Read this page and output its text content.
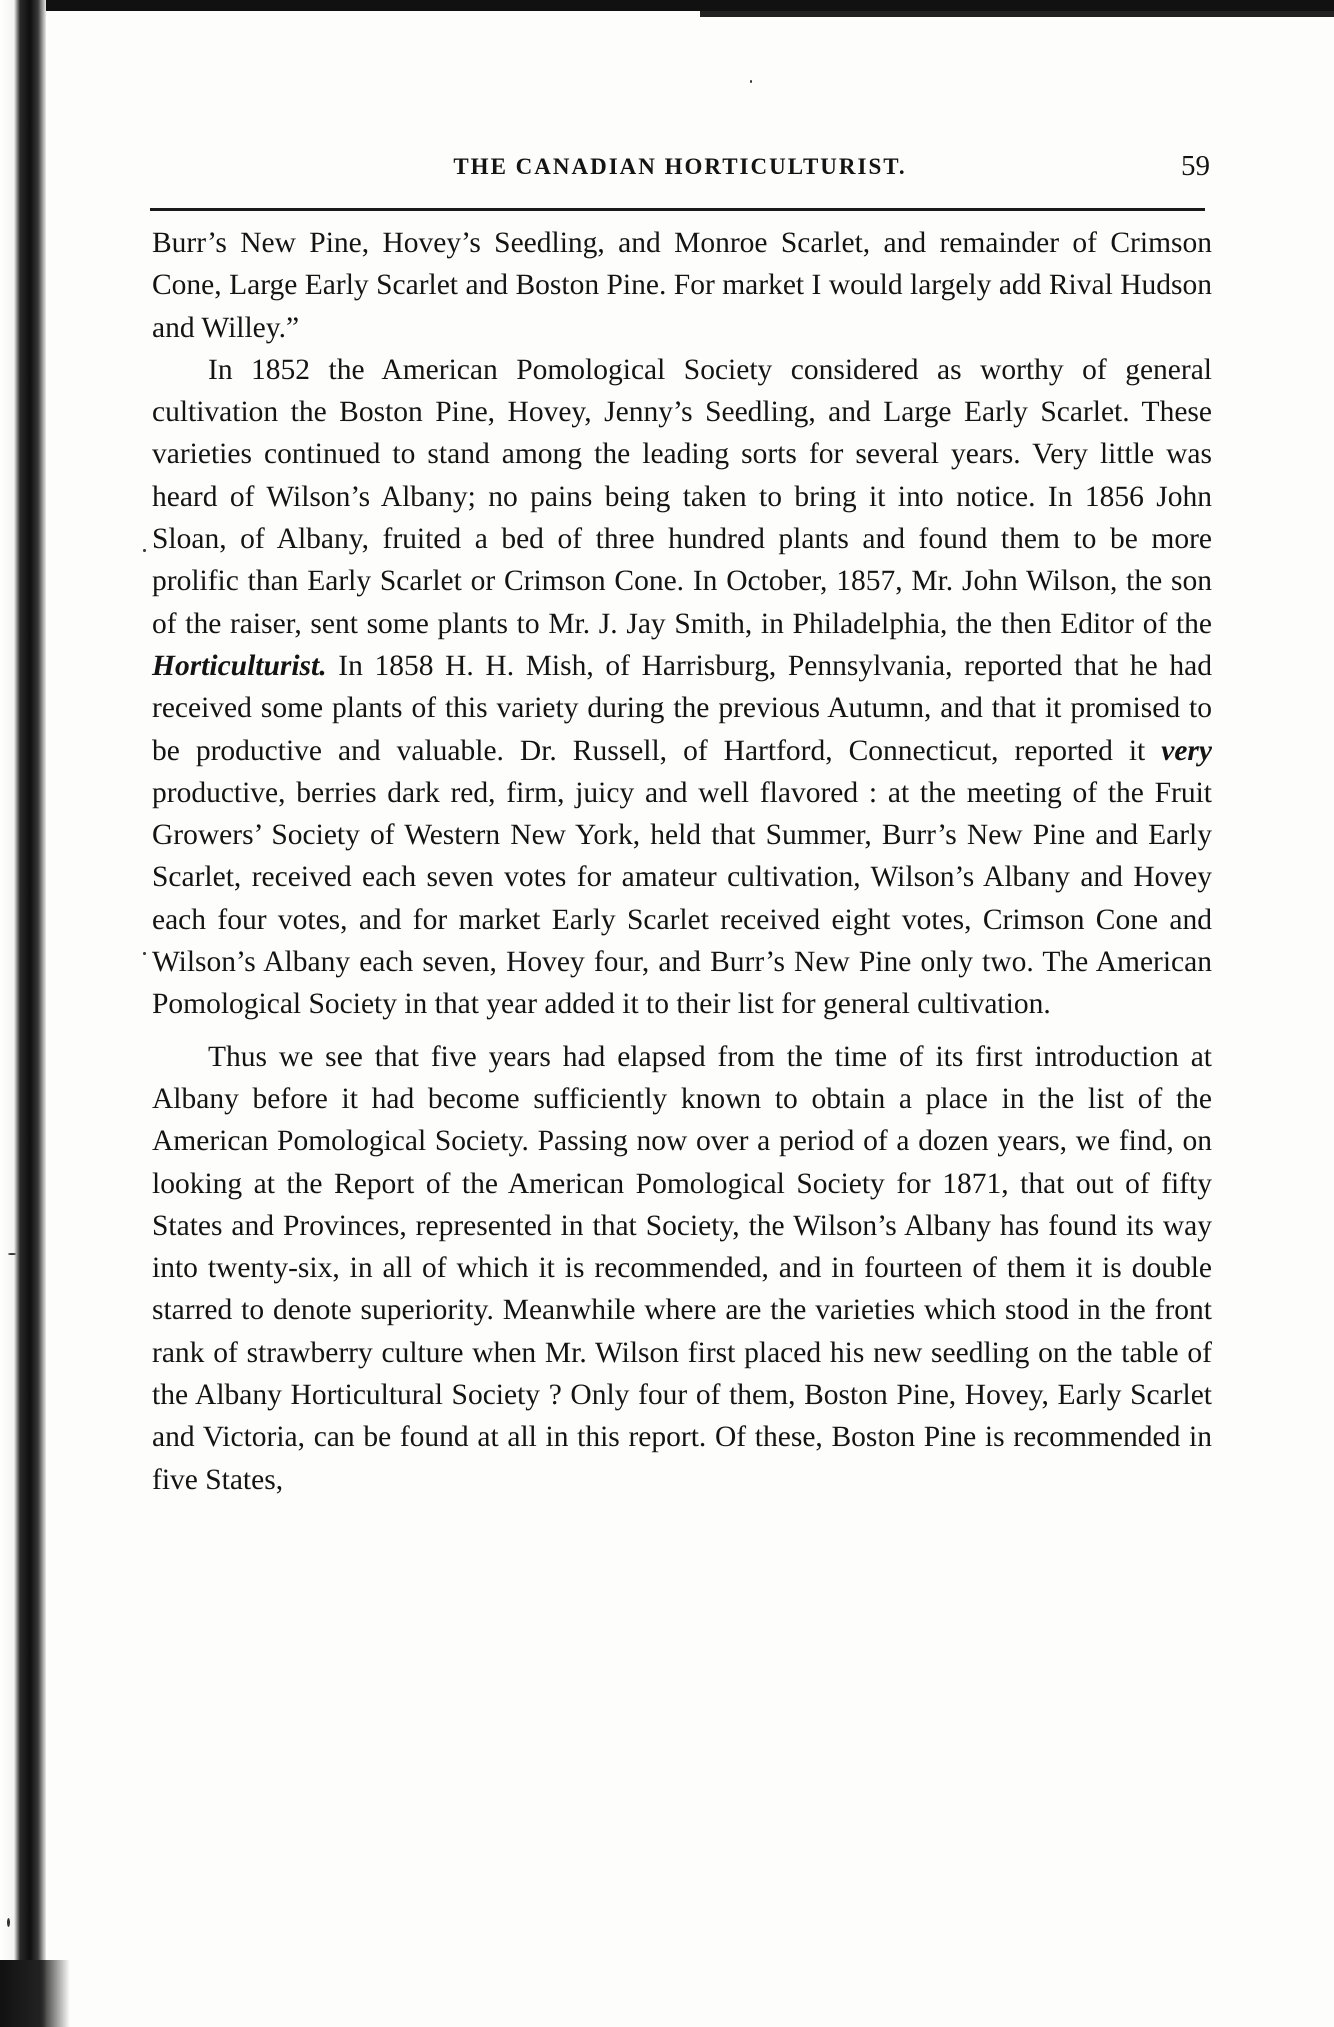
THE CANADIAN HORTICULTURIST.	59

Burr’s New Pine, Hovey’s Seedling, and Monroe Scarlet, and remainder of Crimson Cone, Large Early Scarlet and Boston Pine. For market I would largely add Rival Hudson and Willey.”

In 1852 the American Pomological Society considered as worthy of general cultivation the Boston Pine, Hovey, Jenny’s Seedling, and Large Early Scarlet. These varieties continued to stand among the leading sorts for several years. Very little was heard of Wilson’s Albany; no pains being taken to bring it into notice. In 1856 John Sloan, of Albany, fruited a bed of three hundred plants and found them to be more prolific than Early Scarlet or Crimson Cone. In October, 1857, Mr. John Wilson, the son of the raiser, sent some plants to Mr. J. Jay Smith, in Philadelphia, the then Editor of the Horticulturist. In 1858 H. H. Mish, of Harrisburg, Pennsylvania, reported that he had received some plants of this variety during the previous Autumn, and that it promised to be productive and valuable. Dr. Russell, of Hartford, Connecticut, reported it very productive, berries dark red, firm, juicy and well flavored : at the meeting of the Fruit Growers’ Society of Western New York, held that Summer, Burr’s New Pine and Early Scarlet, received each seven votes for amateur cultivation, Wilson’s Albany and Hovey each four votes, and for market Early Scarlet received eight votes, Crimson Cone and Wilson’s Albany each seven, Hovey four, and Burr’s New Pine only two. The American Pomological Society in that year added it to their list for general cultivation.

Thus we see that five years had elapsed from the time of its first introduction at Albany before it had become sufficiently known to obtain a place in the list of the American Pomological Society. Passing now over a period of a dozen years, we find, on looking at the Report of the American Pomological Society for 1871, that out of fifty States and Provinces, represented in that Society, the Wilson’s Albany has found its way into twenty-six, in all of which it is recommended, and in fourteen of them it is double starred to denote superiority. Meanwhile where are the varieties which stood in the front rank of strawberry culture when Mr. Wilson first placed his new seedling on the table of the Albany Horticultural Society ? Only four of them, Boston Pine, Hovey, Early Scarlet and Victoria, can be found at all in this report. Of these, Boston Pine is recommended in five States,
